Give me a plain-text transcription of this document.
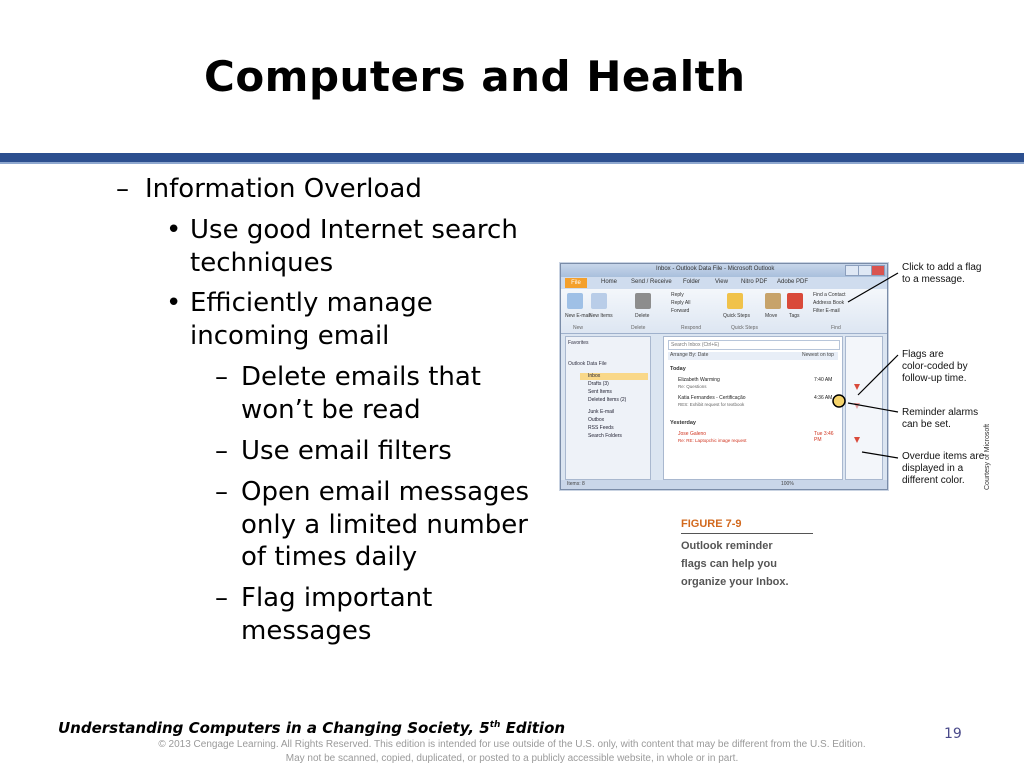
Computers and Health
– Information Overload
• Use good Internet search
techniques
• Efficiently manage
incoming email
– Delete emails that
won’t be read
– Use email filters
– Open email messages
only a limited number
of times daily
– Flag important
messages
Inbox - Outlook Data File - Microsoft Outlook
File	Home Send / Receive Folder View Nitro PDF Adobe PDF
New E-mail
New Items	Delete
Reply
Reply All
Forward
Quick Steps	Move Tags
Find a Contact
Address Book
Filter E-mail
New	Delete	Respond	Quick Steps	Find
Favorites
Outlook Data File
Inbox
Drafts (3)
Sent Items
Deleted Items (2)
Junk E-mail
Outbox
RSS Feeds
Search Folders
Search Inbox (Ctrl+E)
Arrange By: Date	Newest on top
Today
Elizabeth Warming
Re: Questions
7:40 AM
Katia Fernandes - Certificação
RES: Exhibit request for textbook
4:36 AM
Yesterday
Jose Galeno
Re: RE: Laptopchic image request
Tue 3:46 PM
Items: 8	100%
Click to add a flag
to a message.
Flags are
color-coded by
follow-up time.
Reminder alarms
can be set.
Overdue items are
displayed in a
different color.	Courtesy of Microsoft
FIGURE 7-9
Outlook reminder
flags can help you
organize your Inbox.
Understanding Computers in a Changing Society, 5th Edition	19
© 2013 Cengage Learning. All Rights Reserved. This edition is intended for use outside of the U.S. only, with content that may be different from the U.S. Edition.
May not be scanned, copied, duplicated, or posted to a publicly accessible website, in whole or in part.
